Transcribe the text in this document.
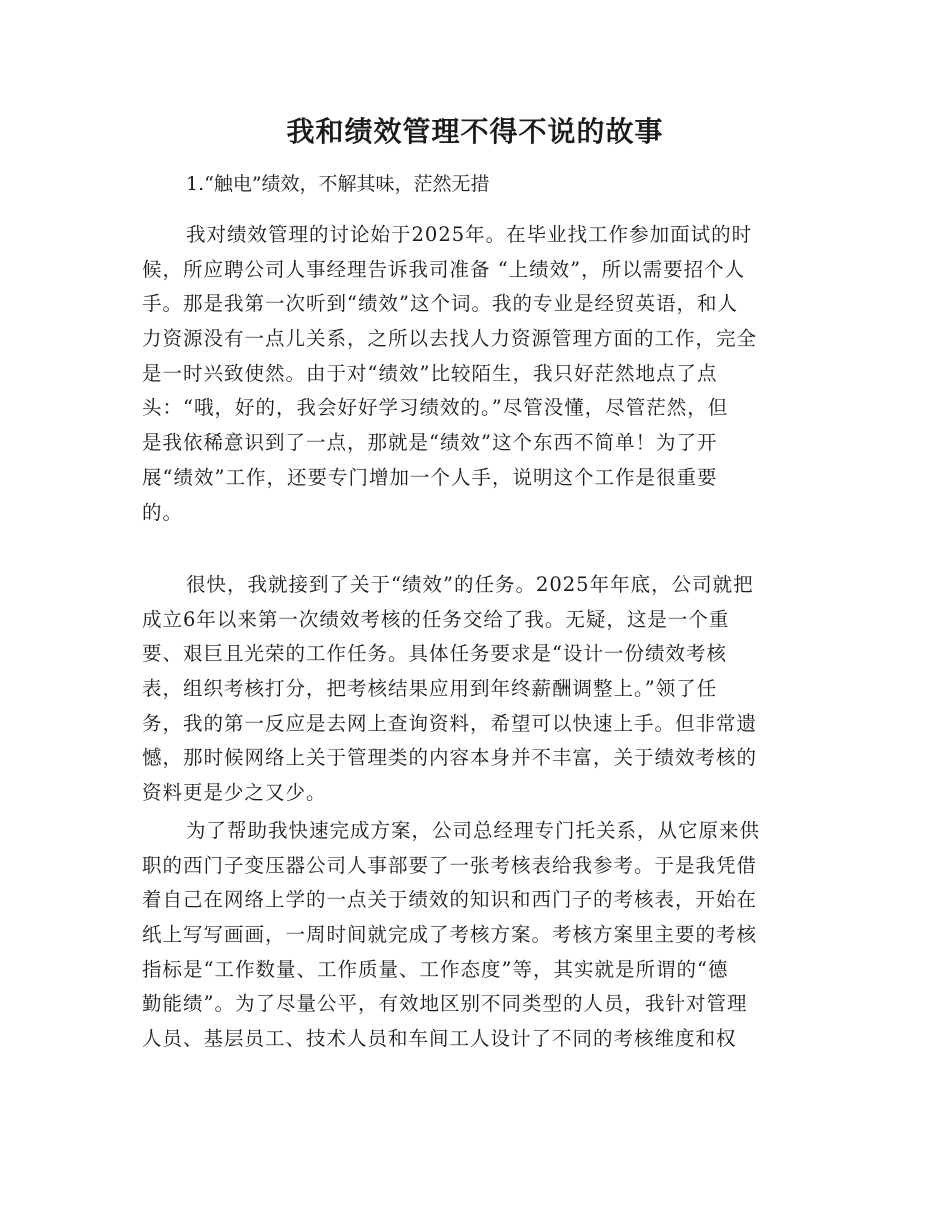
我和绩效管理不得不说的故事
1.“触电”绩效，不解其味，茫然无措
我对绩效管理的讨论始于2025年。在毕业找工作参加面试的时
候，所应聘公司人事经理告诉我司准备 “上绩效”，所以需要招个人
手。那是我第一次听到“绩效”这个词。我的专业是经贸英语，和人
力资源没有一点儿关系，之所以去找人力资源管理方面的工作，完全
是一时兴致使然。由于对“绩效”比较陌生，我只好茫然地点了点
头：“哦，好的，我会好好学习绩效的。”尽管没懂，尽管茫然，但
是我依稀意识到了一点，那就是“绩效”这个东西不简单！为了开
展“绩效”工作，还要专门增加一个人手，说明这个工作是很重要
的。
很快，我就接到了关于“绩效”的任务。2025年年底，公司就把
成立6年以来第一次绩效考核的任务交给了我。无疑，这是一个重
要、艰巨且光荣的工作任务。具体任务要求是“设计一份绩效考核
表，组织考核打分，把考核结果应用到年终薪酬调整上。”领了任
务，我的第一反应是去网上查询资料，希望可以快速上手。但非常遗
憾，那时候网络上关于管理类的内容本身并不丰富，关于绩效考核的
资料更是少之又少。
为了帮助我快速完成方案，公司总经理专门托关系，从它原来供
职的西门子变压器公司人事部要了一张考核表给我参考。于是我凭借
着自己在网络上学的一点关于绩效的知识和西门子的考核表，开始在
纸上写写画画，一周时间就完成了考核方案。考核方案里主要的考核
指标是“工作数量、工作质量、工作态度”等，其实就是所谓的“德
勤能绩”。为了尽量公平，有效地区别不同类型的人员，我针对管理
人员、基层员工、技术人员和车间工人设计了不同的考核维度和权
